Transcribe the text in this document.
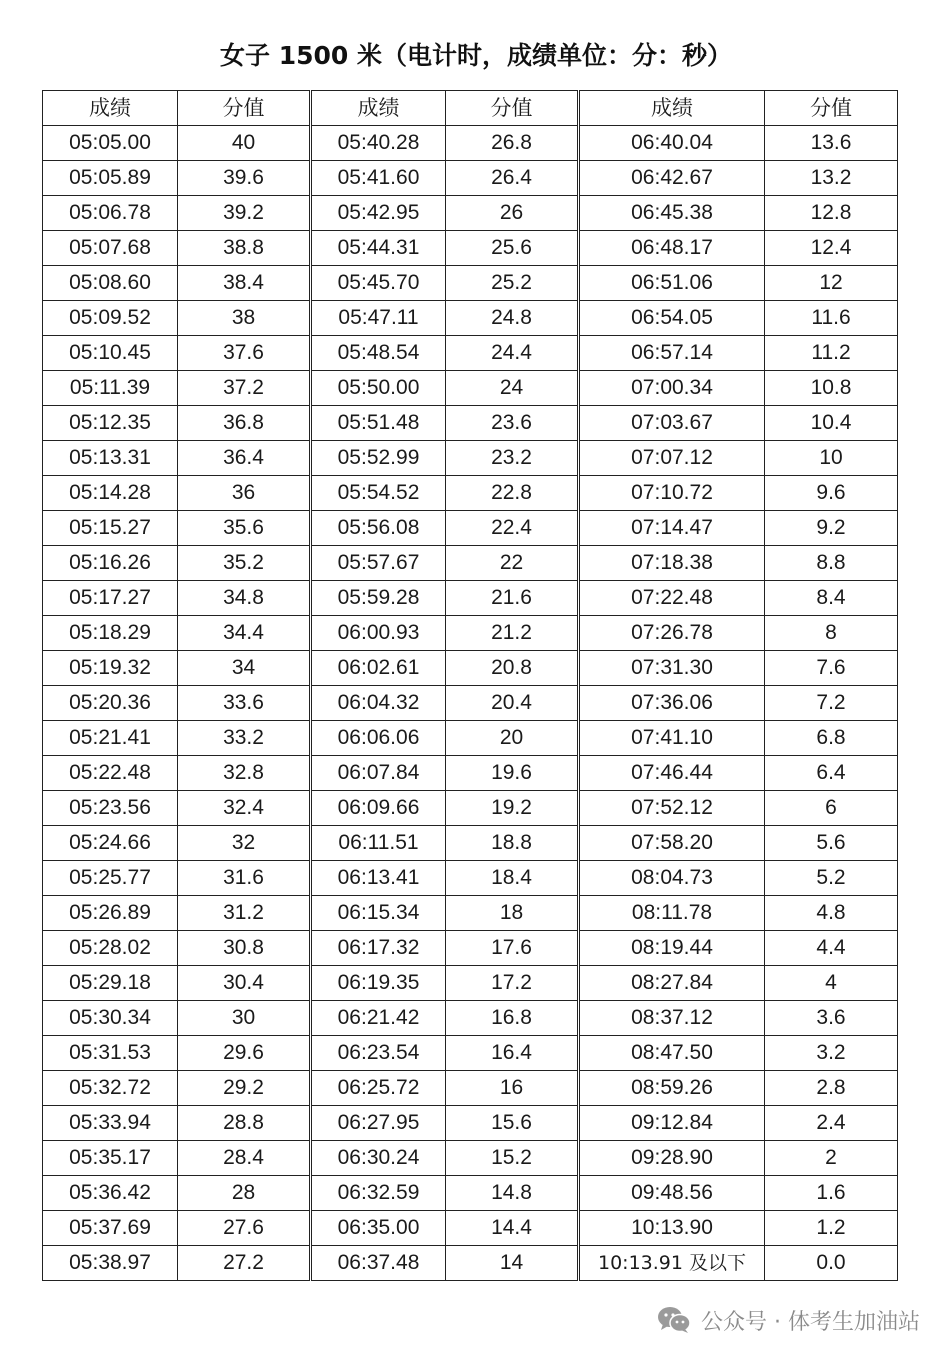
女子 1500 米（电计时，成绩单位：分：秒）
成绩	分值	成绩	分值	成绩	分值
05:05.00	40	05:40.28	26.8	06:40.04	13.6
05:05.89	39.6	05:41.60	26.4	06:42.67	13.2
05:06.78	39.2	05:42.95	26	06:45.38	12.8
05:07.68	38.8	05:44.31	25.6	06:48.17	12.4
05:08.60	38.4	05:45.70	25.2	06:51.06	12
05:09.52	38	05:47.11	24.8	06:54.05	11.6
05:10.45	37.6	05:48.54	24.4	06:57.14	11.2
05:11.39	37.2	05:50.00	24	07:00.34	10.8
05:12.35	36.8	05:51.48	23.6	07:03.67	10.4
05:13.31	36.4	05:52.99	23.2	07:07.12	10
05:14.28	36	05:54.52	22.8	07:10.72	9.6
05:15.27	35.6	05:56.08	22.4	07:14.47	9.2
05:16.26	35.2	05:57.67	22	07:18.38	8.8
05:17.27	34.8	05:59.28	21.6	07:22.48	8.4
05:18.29	34.4	06:00.93	21.2	07:26.78	8
05:19.32	34	06:02.61	20.8	07:31.30	7.6
05:20.36	33.6	06:04.32	20.4	07:36.06	7.2
05:21.41	33.2	06:06.06	20	07:41.10	6.8
05:22.48	32.8	06:07.84	19.6	07:46.44	6.4
05:23.56	32.4	06:09.66	19.2	07:52.12	6
05:24.66	32	06:11.51	18.8	07:58.20	5.6
05:25.77	31.6	06:13.41	18.4	08:04.73	5.2
05:26.89	31.2	06:15.34	18	08:11.78	4.8
05:28.02	30.8	06:17.32	17.6	08:19.44	4.4
05:29.18	30.4	06:19.35	17.2	08:27.84	4
05:30.34	30	06:21.42	16.8	08:37.12	3.6
05:31.53	29.6	06:23.54	16.4	08:47.50	3.2
05:32.72	29.2	06:25.72	16	08:59.26	2.8
05:33.94	28.8	06:27.95	15.6	09:12.84	2.4
05:35.17	28.4	06:30.24	15.2	09:28.90	2
05:36.42	28	06:32.59	14.8	09:48.56	1.6
05:37.69	27.6	06:35.00	14.4	10:13.90	1.2
05:38.97	27.2	06:37.48	14	10:13.91 及以下	0.0
公众号 · 体考生加油站
